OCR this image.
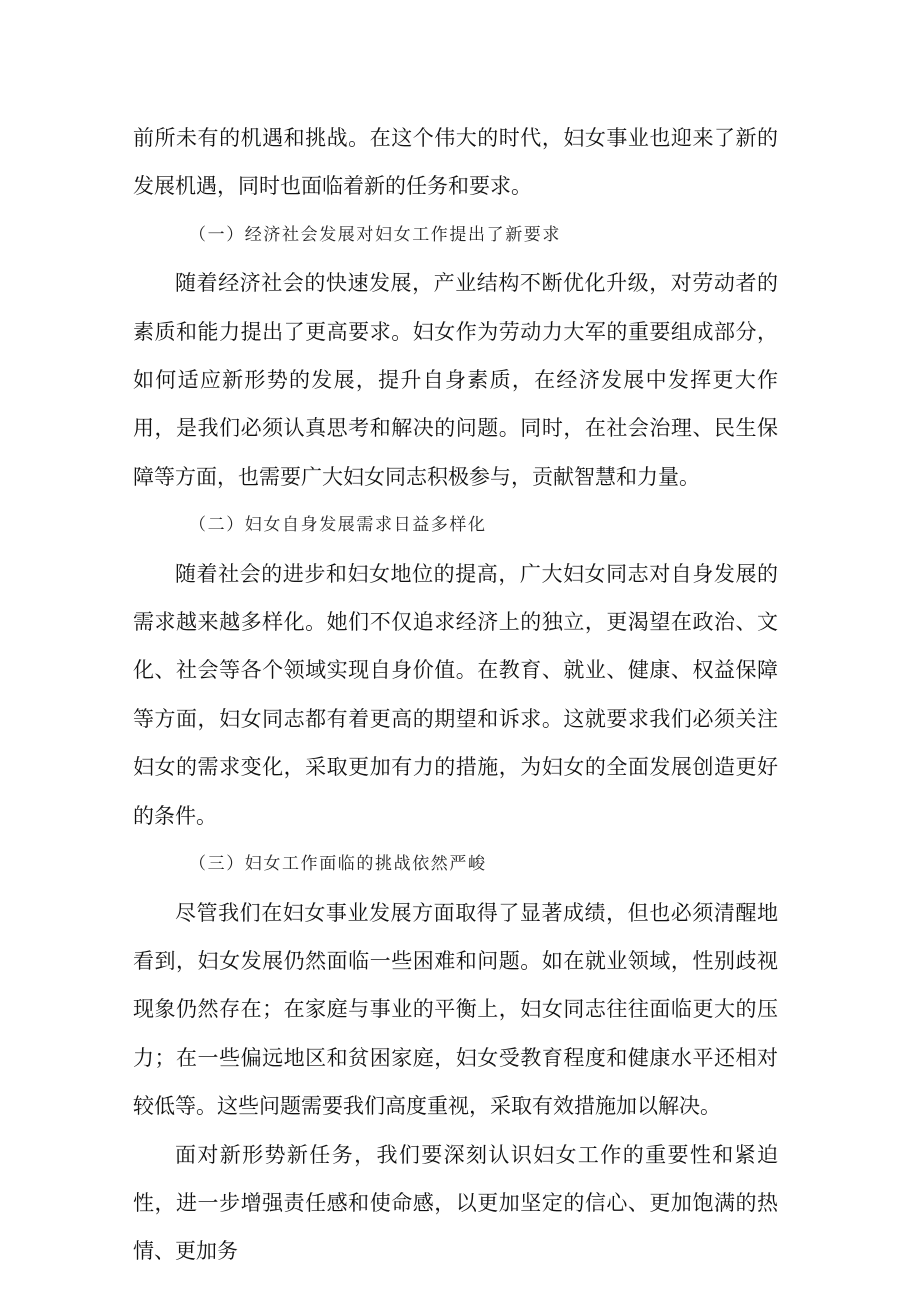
前所未有的机遇和挑战。在这个伟大的时代，妇女事业也迎来了新的发展机遇，同时也面临着新的任务和要求。

（一）经济社会发展对妇女工作提出了新要求

随着经济社会的快速发展，产业结构不断优化升级，对劳动者的素质和能力提出了更高要求。妇女作为劳动力大军的重要组成部分，如何适应新形势的发展，提升自身素质，在经济发展中发挥更大作用，是我们必须认真思考和解决的问题。同时，在社会治理、民生保障等方面，也需要广大妇女同志积极参与，贡献智慧和力量。

（二）妇女自身发展需求日益多样化

随着社会的进步和妇女地位的提高，广大妇女同志对自身发展的需求越来越多样化。她们不仅追求经济上的独立，更渴望在政治、文化、社会等各个领域实现自身价值。在教育、就业、健康、权益保障等方面，妇女同志都有着更高的期望和诉求。这就要求我们必须关注妇女的需求变化，采取更加有力的措施，为妇女的全面发展创造更好的条件。

（三）妇女工作面临的挑战依然严峻

尽管我们在妇女事业发展方面取得了显著成绩，但也必须清醒地看到，妇女发展仍然面临一些困难和问题。如在就业领域，性别歧视现象仍然存在；在家庭与事业的平衡上，妇女同志往往面临更大的压力；在一些偏远地区和贫困家庭，妇女受教育程度和健康水平还相对较低等。这些问题需要我们高度重视，采取有效措施加以解决。

面对新形势新任务，我们要深刻认识妇女工作的重要性和紧迫性，进一步增强责任感和使命感，以更加坚定的信心、更加饱满的热情、更加务
